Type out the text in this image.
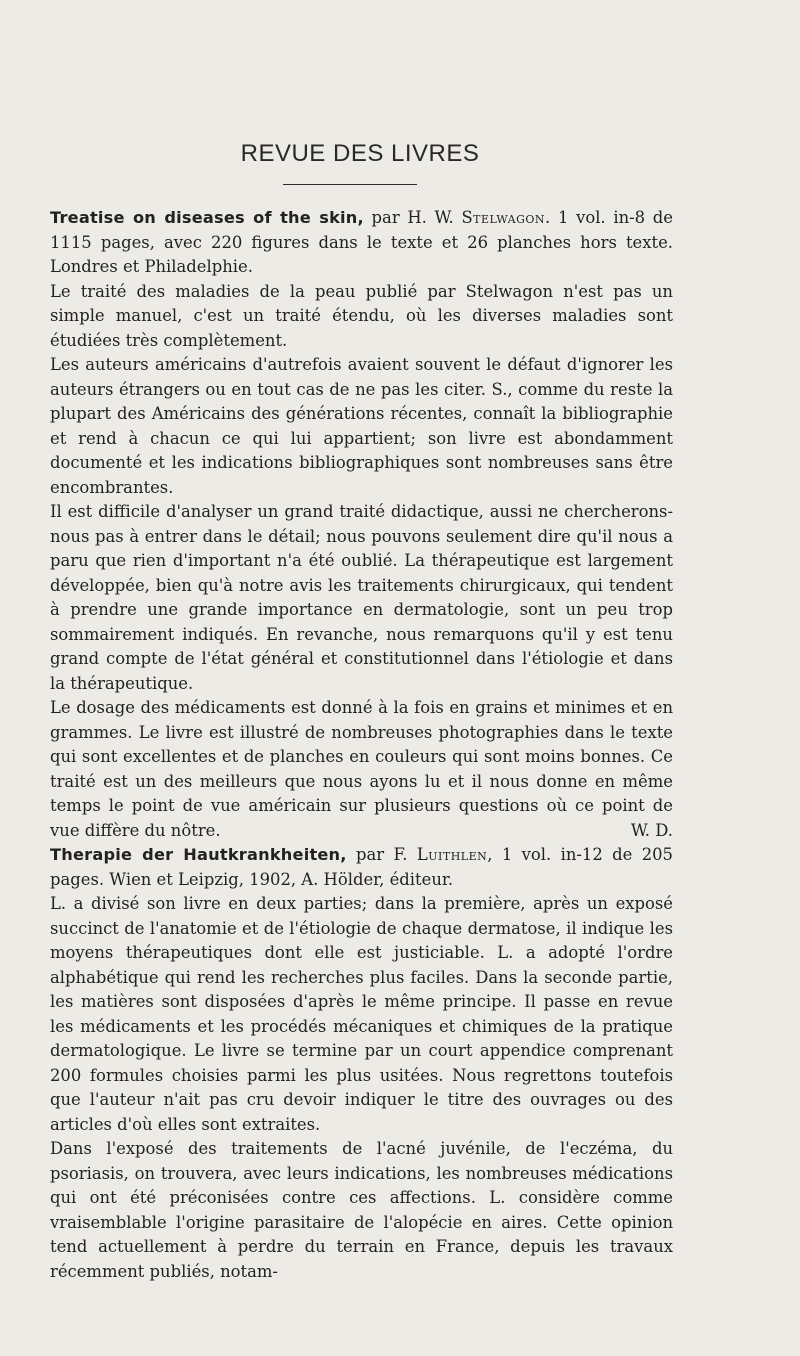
REVUE DES LIVRES

Treatise on diseases of the skin, par H. W. Stelwagon. 1 vol. in-8 de 1115 pages, avec 220 figures dans le texte et 26 planches hors texte. Londres et Philadelphie.

Le traité des maladies de la peau publié par Stelwagon n'est pas un simple manuel, c'est un traité étendu, où les diverses maladies sont étudiées très complètement.

Les auteurs américains d'autrefois avaient souvent le défaut d'ignorer les auteurs étrangers ou en tout cas de ne pas les citer. S., comme du reste la plupart des Américains des générations récentes, connaît la bibliographie et rend à chacun ce qui lui appartient; son livre est abondamment documenté et les indications bibliographiques sont nombreuses sans être encombrantes.

Il est difficile d'analyser un grand traité didactique, aussi ne chercherons-nous pas à entrer dans le détail; nous pouvons seulement dire qu'il nous a paru que rien d'important n'a été oublié. La thérapeutique est largement développée, bien qu'à notre avis les traitements chirurgicaux, qui tendent à prendre une grande importance en dermatologie, sont un peu trop sommairement indiqués. En revanche, nous remarquons qu'il y est tenu grand compte de l'état général et constitutionnel dans l'étiologie et dans la thérapeutique.

Le dosage des médicaments est donné à la fois en grains et minimes et en grammes. Le livre est illustré de nombreuses photographies dans le texte qui sont excellentes et de planches en couleurs qui sont moins bonnes. Ce traité est un des meilleurs que nous ayons lu et il nous donne en même temps le point de vue américain sur plusieurs questions où ce point de vue diffère du nôtre.	W. D.

Therapie der Hautkrankheiten, par F. Luithlen, 1 vol. in-12 de 205 pages. Wien et Leipzig, 1902, A. Hölder, éditeur.

L. a divisé son livre en deux parties; dans la première, après un exposé succinct de l'anatomie et de l'étiologie de chaque dermatose, il indique les moyens thérapeutiques dont elle est justiciable. L. a adopté l'ordre alphabétique qui rend les recherches plus faciles. Dans la seconde partie, les matières sont disposées d'après le même principe. Il passe en revue les médicaments et les procédés mécaniques et chimiques de la pratique dermatologique. Le livre se termine par un court appendice comprenant 200 formules choisies parmi les plus usitées. Nous regrettons toutefois que l'auteur n'ait pas cru devoir indiquer le titre des ouvrages ou des articles d'où elles sont extraites.

Dans l'exposé des traitements de l'acné juvénile, de l'eczéma, du psoriasis, on trouvera, avec leurs indications, les nombreuses médications qui ont été préconisées contre ces affections. L. considère comme vraisemblable l'origine parasitaire de l'alopécie en aires. Cette opinion tend actuellement à perdre du terrain en France, depuis les travaux récemment publiés, notam-
